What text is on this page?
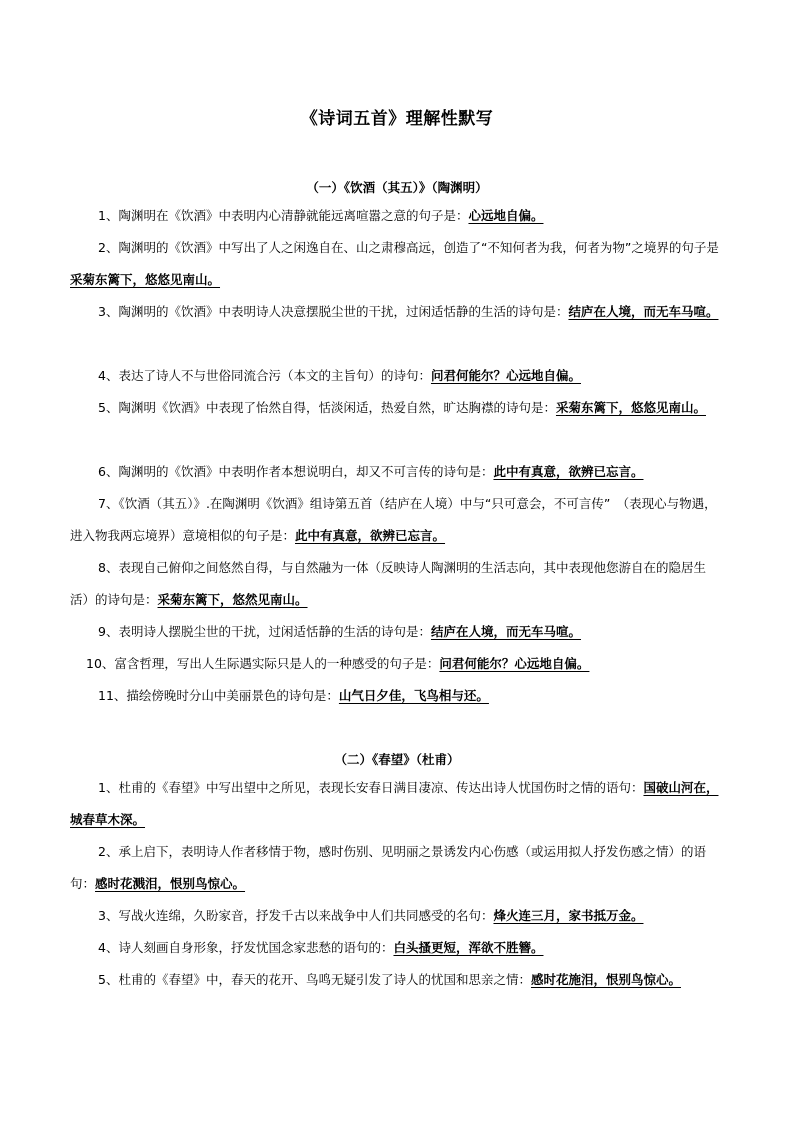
《诗词五首》理解性默写
（一）《饮酒（其五）》（陶渊明）
1、陶渊明在《饮酒》中表明内心清静就能远离喧嚣之意的句子是：心远地自偏。
2、陶渊明的《饮酒》中写出了人之闲逸自在、山之肃穆高远，创造了“不知何者为我，何者为物”之境界的句子是采菊东篱下，悠悠见南山。
3、陶渊明的《饮酒》中表明诗人决意摆脱尘世的干扰，过闲适恬静的生活的诗句是：结庐在人境，而无车马喧。
4、表达了诗人不与世俗同流合污（本文的主旨句）的诗句：问君何能尔？心远地自偏。
5、陶渊明《饮酒》中表现了怡然自得，恬淡闲适，热爱自然，旷达胸襟的诗句是：采菊东篱下，悠悠见南山。
6、陶渊明的《饮酒》中表明作者本想说明白，却又不可言传的诗句是：此中有真意，欲辨已忘言。
7、《饮酒（其五）》.在陶渊明《饮酒》组诗第五首（结庐在人境）中与“只可意会，不可言传”　（表现心与物遇，进入物我两忘境界）意境相似的句子是：此中有真意，欲辨已忘言。
8、表现自己俯仰之间悠然自得，与自然融为一体（反映诗人陶渊明的生活志向，其中表现他您游自在的隐居生活）的诗句是：采菊东篱下，悠然见南山。
9、表明诗人摆脱尘世的干扰，过闲适恬静的生活的诗句是：结庐在人境，而无车马喧。
10、富含哲理，写出人生际遇实际只是人的一种感受的句子是：问君何能尔？心远地自偏。
11、描绘傍晚时分山中美丽景色的诗句是：山气日夕佳，飞鸟相与还。
（二）《春望》（杜甫）
1、杜甫的《春望》中写出望中之所见，表现长安春日满目凄凉、传达出诗人忧国伤时之情的语句：国破山河在，城春草木深。
2、承上启下，表明诗人作者移情于物，感时伤别、见明丽之景诱发内心伤感（或运用拟人抒发伤感之情）的语句：感时花溅泪，恨别鸟惊心。
3、写战火连绵，久盼家音，抒发千古以来战争中人们共同感受的名句：烽火连三月，家书抵万金。
4、诗人刻画自身形象，抒发忧国念家悲愁的语句的：白头搔更短，浑欲不胜簪。
5、杜甫的《春望》中，春天的花开、鸟鸣无疑引发了诗人的忧国和思亲之情：感时花施泪，恨别鸟惊心。
